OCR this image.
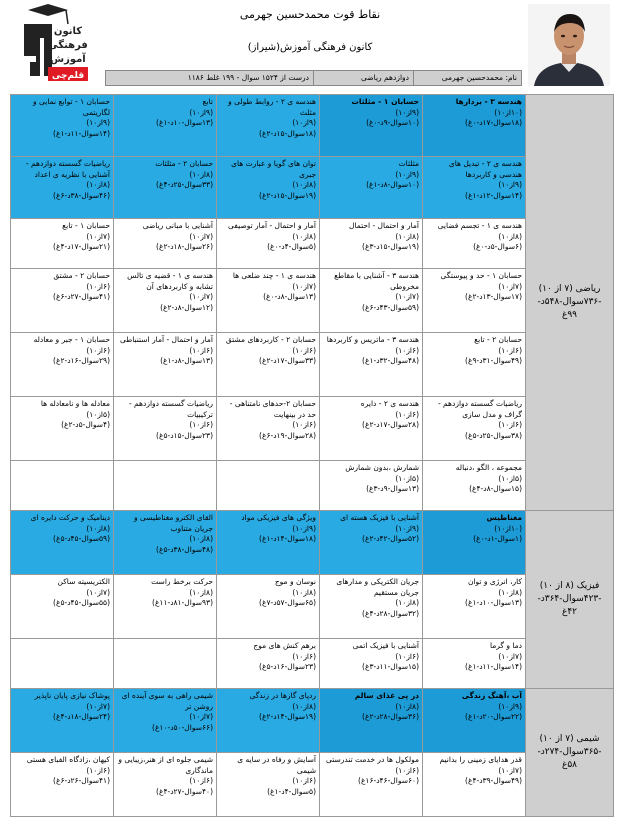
کانون
فرهنگی
آموزش
قلم‌چی
نقاط قوت محمدحسین جهرمی
کانون فرهنگی آموزش(شیراز)
نام: محمدحسین جهرمی
دوازدهم ریاضی
۱۱۸۶ درست از ۱۵۲۴ سوال - ۱۹۹ غلط
ریاضی (۷ از ۱۰)
-۷۳۶سوال-۵۴۸د-
۹۹غ	هندسه ۳ - بردارها
(۱۰از۱۰)
(۱۸سوال-۱۷د-۰غ)	حسابان ۱ - مثلثات
(۹از۱۰)
(۱۰سوال-۹د-۰غ)	هندسه ی ۲ - روابط طولی و مثلث
(۹از۱۰)
(۱۸سوال-۱۵د-۲غ)	تابع
(۹از۱۰)
(۱۳سوال-۱۰د-۱غ)	حسابان ۱ - توابع نمایی و لگاریتمی
(۹از۱۰)
(۱۴سوال-۱۱د-۱غ)

	هندسه ی ۲ - تبدیل های هندسی و کاربردها
(۹از۱۰)
(۱۴سوال-۱۲د-۱غ)	مثلثات
(۹از۱۰)
(۱۰سوال-۸د-۱غ)	توان های گویا و عبارت های جبری
(۸از۱۰)
(۱۹سوال-۱۵د-۲غ)	حسابان ۲ - مثلثات
(۸از۱۰)
(۳۳سوال-۲۵د-۴غ)	ریاضیات گسسته دوازدهم - آشنایی با نظریه ی اعداد
(۸از۱۰)
(۴۶سوال-۳۸د-۶غ)

	هندسه ی ۱ - تجسم فضایی
(۸از۱۰)
(۶سوال-۵د-۰غ)	آمار و احتمال - احتمال
(۸از۱۰)
(۱۹سوال-۱۵د-۳غ)	آمار و احتمال - آمار توصیفی
(۸از۱۰)
(۵سوال-۴د-۰غ)	آشنایی با مبانی ریاضی
(۷از۱۰)
(۲۶سوال-۱۸د-۲غ)	حسابان ۱ - تابع
(۷از۱۰)
(۲۱سوال-۱۷د-۴غ)

	حسابان ۱ - حد و پیوستگی
(۷از۱۰)
(۱۷سوال-۱۳د-۲غ)	هندسه ۳ - آشنایی با مقاطع مخروطی
(۷از۱۰)
(۵۹سوال-۴۳د-۶غ)	هندسه ی ۱ - چند ضلعی ها
(۷از۱۰)
(۱۳سوال-۸د-۰غ)	هندسه ی ۱ - قضیه ی تالس تشابه و کاربردهای آن
(۷از۱۰)
(۱۲سوال-۸د-۲غ)	حسابان ۲ - مشتق
(۶از۱۰)
(۴۱سوال-۲۷د-۶غ)

	حسابان ۲ - تابع
(۶از۱۰)
(۴۹سوال-۳۱د-۹غ)	هندسه ۳ - ماتریس و کاربردها
(۶از۱۰)
(۴۸سوال-۳۲د-۱غ)	حسابان ۲ - کاربردهای مشتق
(۶از۱۰)
(۳۳سوال-۱۷د-۲غ)	آمار و احتمال - آمار استنباطی
(۶از۱۰)
(۱۳سوال-۸د-۱غ)	حسابان ۱ - جبر و معادله
(۶از۱۰)
(۲۹سوال-۱۶د-۲غ)

	ریاضیات گسسته دوازدهم - گراف و مدل سازی
(۶از۱۰)
(۳۸سوال-۲۵د-۵غ)	هندسه ی ۲ - دایره
(۶از۱۰)
(۲۸سوال-۱۷د-۲غ)	حسابان ۲-حدهای نامتناهی - حد در بینهایت
(۶از۱۰)
(۲۸سوال-۱۹د-۶غ)	ریاضیات گسسته دوازدهم - ترکیبیات
(۶از۱۰)
(۲۳سوال-۱۵د-۵غ)	معادله ها و نامعادله ها
(۵از۱۰)
(۴سوال-۵د-۲غ)

	مجموعه ، الگو ،دنباله
(۵از۱۰)
(۱۵سوال-۸د-۴غ)	شمارش ،بدون شمارش
(۵از۱۰)
(۱۳سوال-۹د-۳غ)			

فیزیک (۸ از ۱۰)
-۴۲۳سوال-۳۶۴د-
۴۲غ	مغناطیس
(۱۰از۱۰)
(۱سوال-۱د-۰غ)	آشنایی با فیزیک هسته ای
(۹از۱۰)
(۵۲سوال-۴۲د-۲غ)	ویژگی های فیزیکی مواد
(۹از۱۰)
(۱۸سوال-۱۴د-۱غ)	القای الکترو مغناطیسی و جریان متناوب
(۸از۱۰)
(۴۸سوال-۳۸د-۵غ)	دینامیک و حرکت دایره ای
(۸از۱۰)
(۵۹سوال-۴۵د-۵غ)

	کار، انرژی و توان
(۸از۱۰)
(۱۳سوال-۱۰د-۱غ)	جریان الکتریکی و مدارهای جریان مستقیم
(۸از۱۰)
(۳۲سوال-۲۸د-۴غ)	نوسان و موج
(۸از۱۰)
(۶۵سوال-۵۷د-۷غ)	حرکت برخط راست
(۸از۱۰)
(۹۳سوال-۸۱د-۱۱غ)	الکتریسیته ساکن
(۷از۱۰)
(۵۵سوال-۴۵د-۵غ)

	دما و گرما
(۷از۱۰)
(۱۴سوال-۱۱د-۱غ)	آشنایی با فیزیک اتمی
(۶از۱۰)
(۱۵سوال-۱۱د-۳غ)	برهم کنش های موج
(۶از۱۰)
(۲۳سوال-۱۶د-۵غ)		

شیمی (۷ از ۱۰)
-۳۶۵سوال-۲۷۴د-
۵۸غ	آب ،آهنگ زندگی
(۹از۱۰)
(۲۲سوال-۲۰د-۱غ)	در پی غذای سالم
(۸از۱۰)
(۳۶سوال-۲۸د-۲غ)	ردپای گازها در زندگی
(۸از۱۰)
(۱۹سوال-۱۴د-۲غ)	شیمی راهی به سوی آینده ای روشن تر
(۷از۱۰)
(۶۶سوال-۵۰د-۱۰غ)	پوشاک نیازی پایان ناپذیر
(۷از۱۰)
(۲۴سوال-۱۸د-۴غ)

	قدر هدایای زمینی را بدانیم
(۷از۱۰)
(۴۹سوال-۳۹د-۴غ)	مولکول ها در خدمت تندرستی
(۶از۱۰)
(۶۰سوال-۴۶د-۱۶غ)	آسایش و رفاه در سایه ی شیمی
(۶از۱۰)
(۵سوال-۴د-۱غ)	شیمی جلوه ای از هنر،زیبایی و ماندگاری
(۶از۱۰)
(۴۰سوال-۲۷د-۴غ)	کیهان ،زادگاه الفبای هستی
(۶از۱۰)
(۴۱سوال-۲۶د-۶غ)
